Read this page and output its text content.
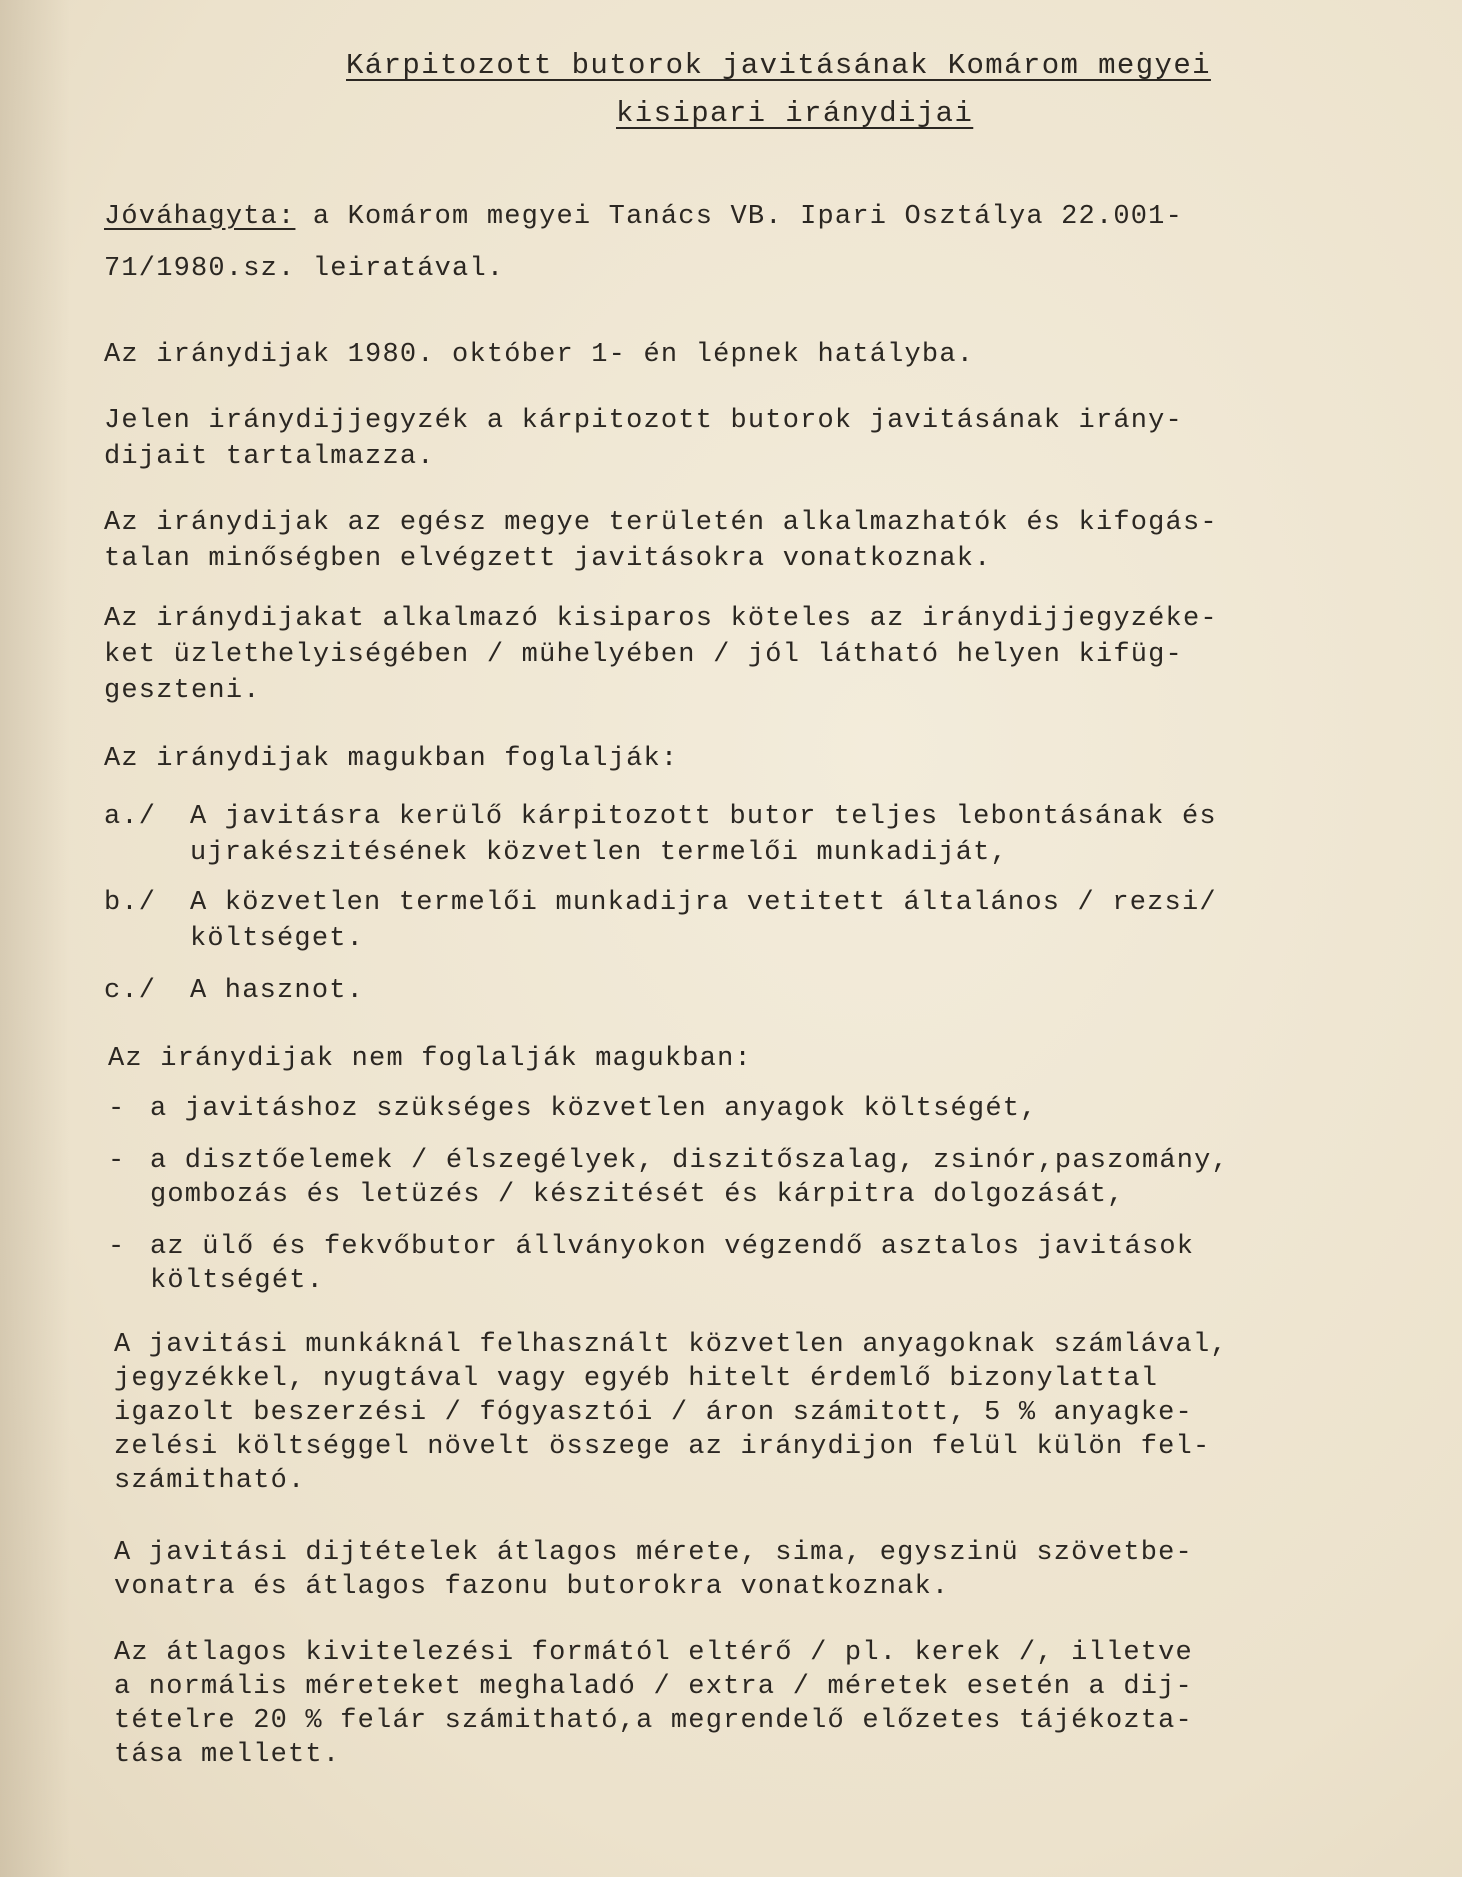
Kárpitozott butorok javitásának Komárom megyei
kisipari iránydijai
Jóváhagyta: a Komárom megyei Tanács VB. Ipari Osztálya 22.001-
71/1980.sz. leiratával.
Az iránydijak 1980. október 1- én lépnek hatályba.
Jelen iránydijjegyzék a kárpitozott butorok javitásának irány-
dijait tartalmazza.
Az iránydijak az egész megye területén alkalmazhatók és kifogás-
talan minőségben elvégzett javitásokra vonatkoznak.
Az iránydijakat alkalmazó kisiparos köteles az iránydijjegyzéke-
ket üzlethelyiségében / mühelyében / jól látható helyen kifüg-
geszteni.
Az iránydijak magukban foglalják:
a./ A javitásra kerülő kárpitozott butor teljes lebontásának és
ujrakészitésének közvetlen termelői munkadiját,
b./ A közvetlen termelői munkadijra vetitett általános / rezsi/
költséget.
c./ A hasznot.
Az iránydijak nem foglalják magukban:
- a javitáshoz szükséges közvetlen anyagok költségét,
- a disztőelemek / élszegélyek, diszitőszalag, zsinór,paszomány,
gombozás és letüzés / készitését és kárpitra dolgozását,
- az ülő és fekvőbutor állványokon végzendő asztalos javitások
költségét.
A javitási munkáknál felhasznált közvetlen anyagoknak számlával,
jegyzékkel, nyugtával vagy egyéb hitelt érdemlő bizonylattal
igazolt beszerzési / fógyasztói / áron számitott, 5 % anyagke-
zelési költséggel növelt összege az iránydijon felül külön fel-
számitható.
A javitási dijtételek átlagos mérete, sima, egyszinü szövetbe-
vonatra és átlagos fazonu butorokra vonatkoznak.
Az átlagos kivitelezési formától eltérő / pl. kerek /, illetve
a normális méreteket meghaladó / extra / méretek esetén a dij-
tételre 20 % felár számitható,a megrendelő előzetes tájékozta-
tása mellett.
